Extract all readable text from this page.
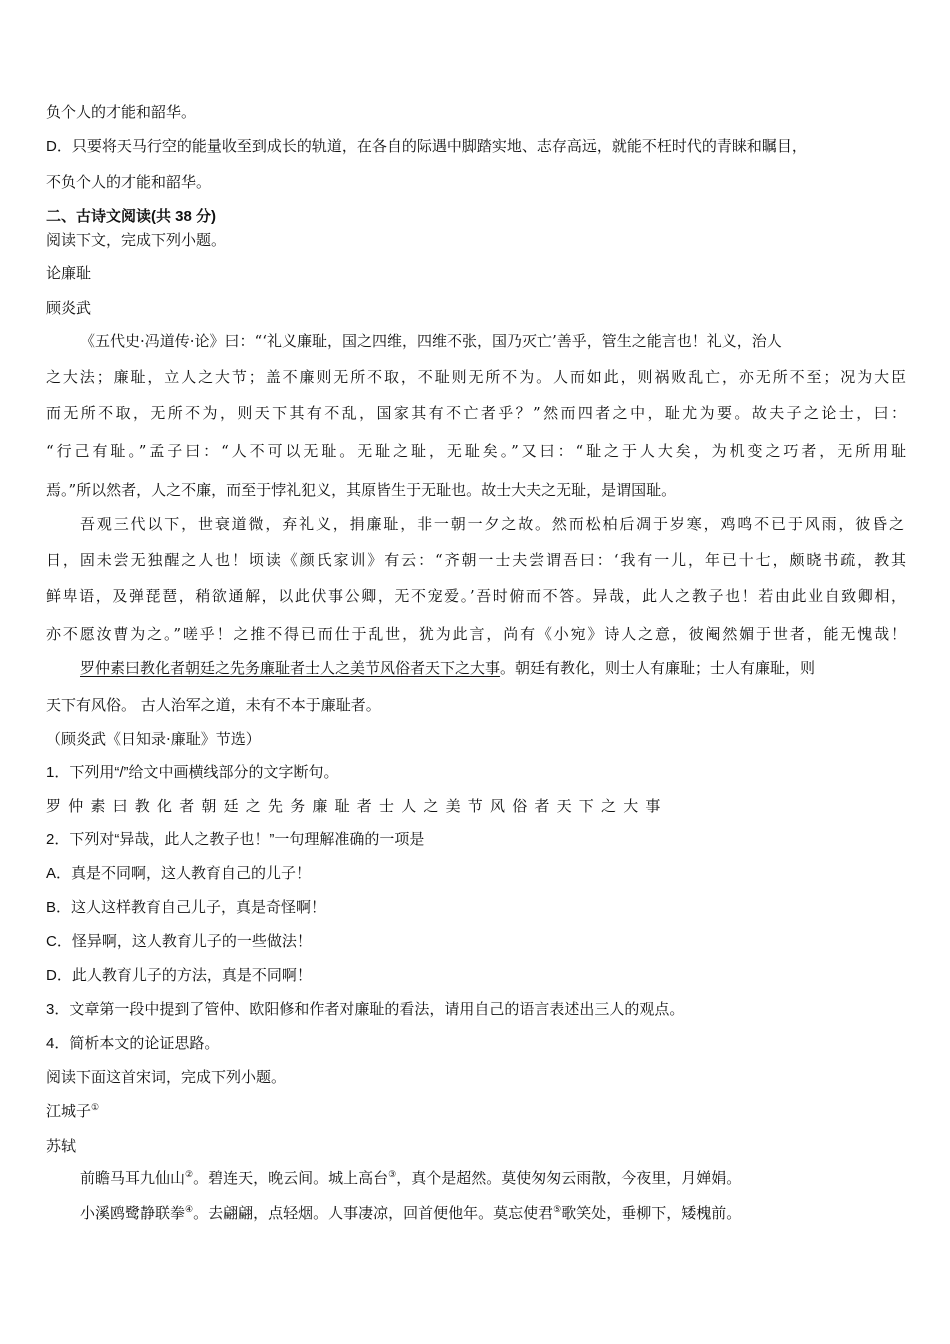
负个人的才能和韶华。
D．只要将天马行空的能量收至到成长的轨道，在各自的际遇中脚踏实地、志存高远，就能不枉时代的青睐和瞩目，
不负个人的才能和韶华。
二、古诗文阅读(共 38 分)
阅读下文，完成下列小题。
论廉耻
顾炎武
《五代史·冯道传·论》曰：“‘礼义廉耻，国之四维，四维不张，国乃灭亡’善乎，管生之能言也！礼义，治人
之大法；廉耻，立人之大节；盖不廉则无所不取，不耻则无所不为。人而如此，则祸败乱亡，亦无所不至；况为大臣
而无所不取，无所不为，则天下其有不乱，国家其有不亡者乎？”然而四者之中，耻尤为要。故夫子之论士，曰：
“行己有耻。”孟子曰：“人不可以无耻。无耻之耻，无耻矣。”又曰：“耻之于人大矣，为机变之巧者，无所用耻
焉。”所以然者，人之不廉，而至于悖礼犯义，其原皆生于无耻也。故士大夫之无耻，是谓国耻。
吾观三代以下，世衰道微，弃礼义，捐廉耻，非一朝一夕之故。然而松柏后凋于岁寒，鸡鸣不已于风雨，彼昏之
日，固未尝无独醒之人也！顷读《颜氏家训》有云：“齐朝一士夫尝谓吾曰：‘我有一儿，年已十七，颇晓书疏，教其
鲜卑语，及弹琵琶，稍欲通解，以此伏事公卿，无不宠爱。’吾时俯而不答。异哉，此人之教子也！若由此业自致卿相，
亦不愿汝曹为之。”嗟乎！之推不得已而仕于乱世，犹为此言，尚有《小宛》诗人之意，彼阉然媚于世者，能无愧哉！
罗仲素曰教化者朝廷之先务廉耻者士人之美节风俗者天下之大事。朝廷有教化，则士人有廉耻；士人有廉耻，则
天下有风俗。 古人治军之道，未有不本于廉耻者。
（顾炎武《日知录·廉耻》节选）
1．下列用“/”给文中画横线部分的文字断句。
罗仲素曰教化者朝廷之先务廉耻者士人之美节风俗者天下之大事
2．下列对“异哉，此人之教子也！”一句理解准确的一项是
A．真是不同啊，这人教育自己的儿子！
B．这人这样教育自己儿子，真是奇怪啊！
C．怪异啊，这人教育儿子的一些做法！
D．此人教育儿子的方法，真是不同啊！
3．文章第一段中提到了管仲、欧阳修和作者对廉耻的看法，请用自己的语言表述出三人的观点。
4．简析本文的论证思路。
阅读下面这首宋词，完成下列小题。
江城子①
苏轼
前瞻马耳九仙山②。碧连天，晚云间。城上高台③，真个是超然。莫使匆匆云雨散，今夜里，月婵娟。
小溪鸥鹭静联拳④。去翩翩，点轻烟。人事凄凉，回首便他年。莫忘使君⑤歌笑处，垂柳下，矮槐前。
